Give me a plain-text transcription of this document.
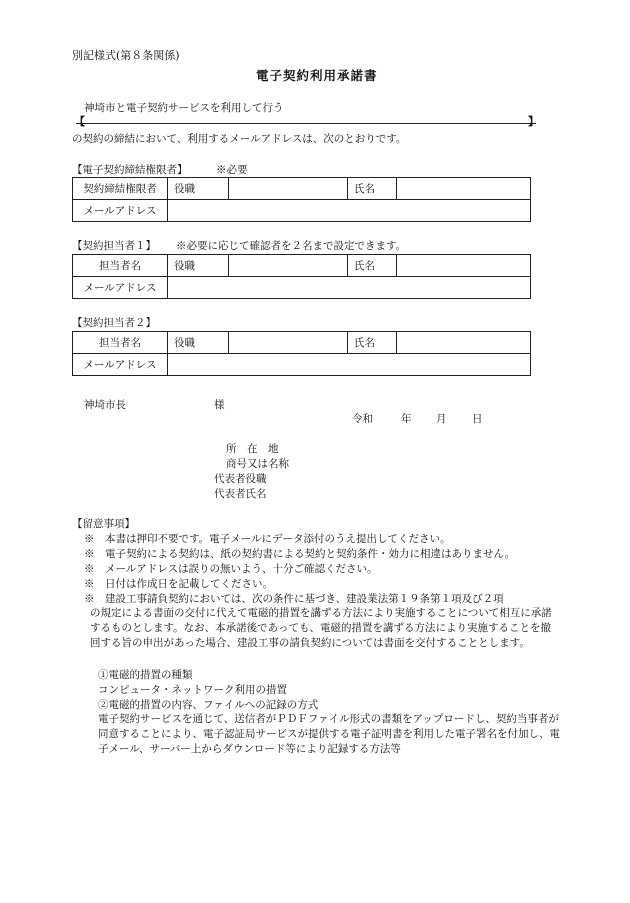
別記様式(第８条関係)
電子契約利用承諾書
神埼市と電子契約サービスを利用して行う
【	】
の契約の締結において、利用するメールアドレスは、次のとおりです。
【電子契約締結権限者】	※必要
契約締結権限者	役職		氏名	
メールアドレス				
【契約担当者１】 ※必要に応じて確認者を２名まで設定できます。
担当者名	役職		氏名	
メールアドレス				
【契約担当者２】
担当者名	役職		氏名	
メールアドレス				
神埼市長	様
令和	年 月 日
所　在　地
商号又は名称
代表者役職
代表者氏名
【留意事項】
※　本書は押印不要です。電子メールにデータ添付のうえ提出してください。
※　電子契約による契約は、紙の契約書による契約と契約条件・効力に相違はありません。
※　メールアドレスは誤りの無いよう、十分ご確認ください。
※　日付は作成日を記載してください。
※　建設工事請負契約においては、次の条件に基づき、建設業法第１９条第１項及び２項
の規定による書面の交付に代えて電磁的措置を講ずる方法により実施することについて相互に承諾するものとします。なお、本承諾後であっても、電磁的措置を講ずる方法により実施することを撤回する旨の申出があった場合、建設工事の請負契約については書面を交付することとします。
①電磁的措置の種類
コンピュータ・ネットワーク利用の措置
②電磁的措置の内容、ファイルへの記録の方式
電子契約サービスを通じて、送信者がＰＤＦファイル形式の書類をアップロードし、契約当事者が同意することにより、電子認証局サービスが提供する電子証明書を利用した電子署名を付加し、電子メール、サーバー上からダウンロード等により記録する方法等
